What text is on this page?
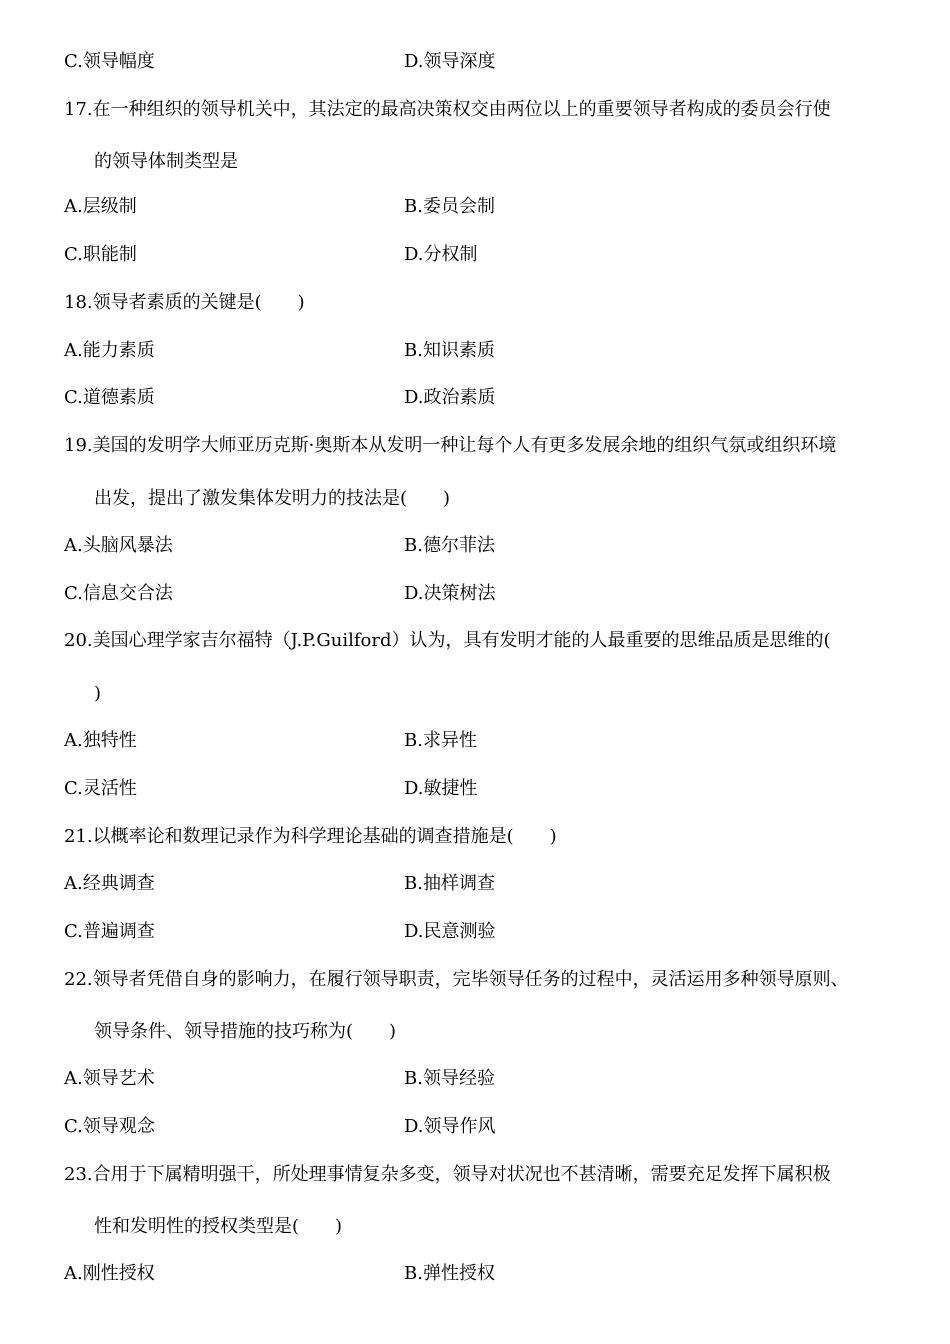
C.领导幅度	D.领导深度
17.在一种组织的领导机关中，其法定的最高决策权交由两位以上的重要领导者构成的委员会行使
的领导体制类型是
A.层级制	B.委员会制
C.职能制	D.分权制
18.领导者素质的关键是(　　)
A.能力素质	B.知识素质
C.道德素质	D.政治素质
19.美国的发明学大师亚历克斯·奥斯本从发明一种让每个人有更多发展余地的组织气氛或组织环境
出发，提出了激发集体发明力的技法是(　　)
A.头脑风暴法	B.德尔菲法
C.信息交合法	D.决策树法
20.美国心理学家吉尔福特（J.P.Guilford）认为，具有发明才能的人最重要的思维品质是思维的(
)
A.独特性	B.求异性
C.灵活性	D.敏捷性
21.以概率论和数理记录作为科学理论基础的调查措施是(　　)
A.经典调查	B.抽样调查
C.普遍调查	D.民意测验
22.领导者凭借自身的影响力，在履行领导职责，完毕领导任务的过程中，灵活运用多种领导原则、
领导条件、领导措施的技巧称为(　　)
A.领导艺术	B.领导经验
C.领导观念	D.领导作风
23.合用于下属精明强干，所处理事情复杂多变，领导对状况也不甚清晰，需要充足发挥下属积极
性和发明性的授权类型是(　　)
A.刚性授权	B.弹性授权
